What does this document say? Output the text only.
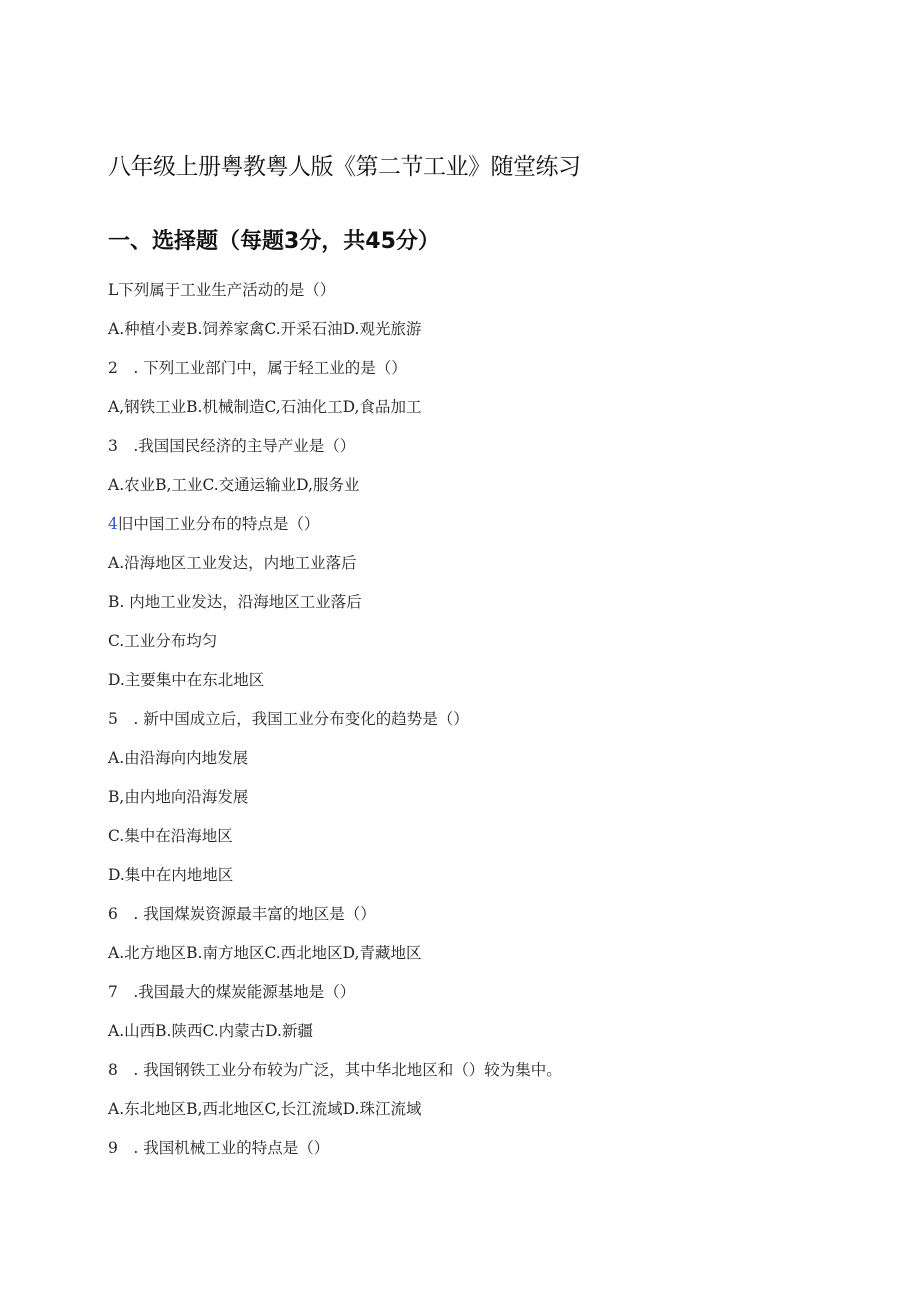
八年级上册粤教粤人版《第二节工业》随堂练习
一、选择题（每题3分，共45分）
L下列属于工业生产活动的是（）
A.种植小麦B.饲养家禽C.开采石油D.观光旅游
2　. 下列工业部门中，属于轻工业的是（）
A,钢铁工业B.机械制造C,石油化工D,食品加工
3　.我国国民经济的主导产业是（）
A.农业B,工业C.交通运输业D,服务业
4旧中国工业分布的特点是（）
A.沿海地区工业发达，内地工业落后
B. 内地工业发达，沿海地区工业落后
C.工业分布均匀
D.主要集中在东北地区
5　. 新中国成立后，我国工业分布变化的趋势是（）
A.由沿海向内地发展
B,由内地向沿海发展
C.集中在沿海地区
D.集中在内地地区
6　. 我国煤炭资源最丰富的地区是（）
A.北方地区B.南方地区C.西北地区D,青藏地区
7　.我国最大的煤炭能源基地是（）
A.山西B.陕西C.内蒙古D.新疆
8　. 我国钢铁工业分布较为广泛，其中华北地区和（）较为集中。
A.东北地区B,西北地区C,长江流域D.珠江流域
9　. 我国机械工业的特点是（）
